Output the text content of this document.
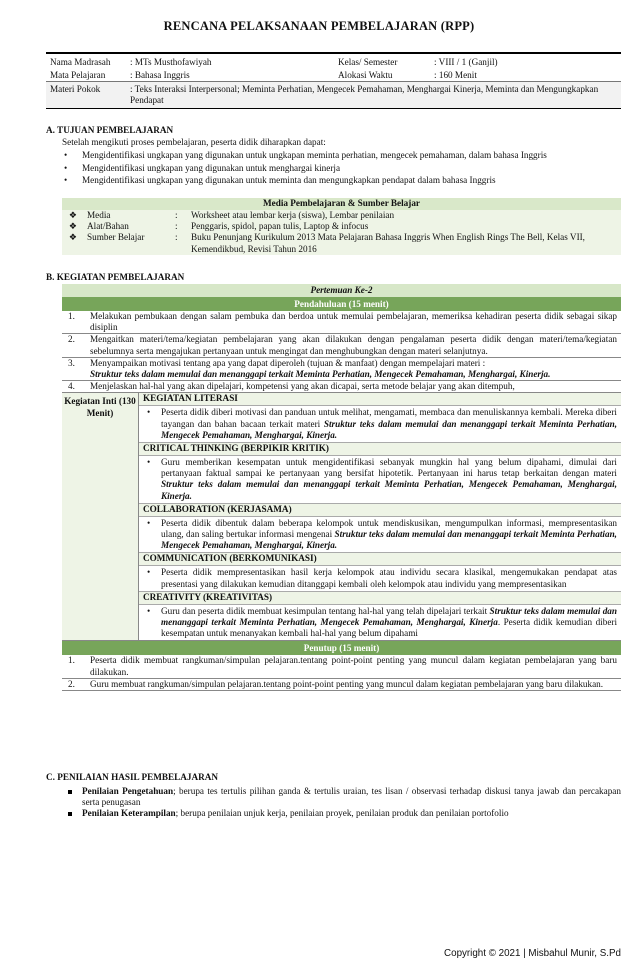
RENCANA PELAKSANAAN PEMBELAJARAN (RPP)
Nama Madrasah : MTs Musthofawiyah	Kelas/ Semester	: VIII / 1 (Ganjil)
Mata Pelajaran	: Bahasa Inggris	Alokasi Waktu	: 160 Menit
Materi Pokok	: Teks Interaksi Interpersonal; Meminta Perhatian, Mengecek Pemahaman, Menghargai Kinerja, Meminta dan Mengungkapkan Pendapat
A. TUJUAN PEMBELAJARAN
Setelah mengikuti proses pembelajaran, peserta didik diharapkan dapat:
• Mengidentifikasi ungkapan yang digunakan untuk ungkapan meminta perhatian, mengecek pemahaman, dalam bahasa Inggris
• Mengidentifikasi ungkapan yang digunakan untuk menghargai kinerja
• Mengidentifikasi ungkapan yang digunakan untuk meminta dan mengungkapkan pendapat dalam bahasa Inggris
Media Pembelajaran & Sumber Belajar			
❖	Media	:	Worksheet atau lembar kerja (siswa), Lembar penilaian
❖	Alat/Bahan	:	Penggaris, spidol, papan tulis, Laptop & infocus
❖	Sumber Belajar	:	Buku Penunjang Kurikulum 2013 Mata Pelajaran Bahasa Inggris When English Rings The Bell, Kelas VII, Kemendikbud, Revisi Tahun 2016
B. KEGIATAN PEMBELAJARAN
Pertemuan Ke-2
Pendahuluan (15 menit)
1.	Melakukan pembukaan dengan salam pembuka dan berdoa untuk memulai pembelajaran, memeriksa kehadiran peserta didik sebagai sikap disiplin
2.	Mengaitkan materi/tema/kegiatan pembelajaran yang akan dilakukan dengan pengalaman peserta didik dengan materi/tema/kegiatan sebelumnya serta mengajukan pertanyaan untuk mengingat dan menghubungkan dengan materi selanjutnya.
3.	Menyampaikan motivasi tentang apa yang dapat diperoleh (tujuan & manfaat) dengan mempelajari materi :
Struktur teks dalam memulai dan menanggapi terkait Meminta Perhatian, Mengecek Pemahaman, Menghargai, Kinerja.
4.	Menjelaskan hal-hal yang akan dipelajari, kompetensi yang akan dicapai, serta metode belajar yang akan ditempuh,
Kegiatan Inti (130 Menit)
KEGIATAN LITERASI
• Peserta didik diberi motivasi dan panduan untuk melihat, mengamati, membaca dan menuliskannya kembali. Mereka diberi tayangan dan bahan bacaan terkait materi Struktur teks dalam memulai dan menanggapi terkait Meminta Perhatian, Mengecek Pemahaman, Menghargai, Kinerja.
CRITICAL THINKING (BERPIKIR KRITIK)
• Guru memberikan kesempatan untuk mengidentifikasi sebanyak mungkin hal yang belum dipahami, dimulai dari pertanyaan faktual sampai ke pertanyaan yang bersifat hipotetik. Pertanyaan ini harus tetap berkaitan dengan materi Struktur teks dalam memulai dan menanggapi terkait Meminta Perhatian, Mengecek Pemahaman, Menghargai, Kinerja.
COLLABORATION (KERJASAMA)
• Peserta didik dibentuk dalam beberapa kelompok untuk mendiskusikan, mengumpulkan informasi, mempresentasikan ulang, dan saling bertukar informasi mengenai Struktur teks dalam memulai dan menanggapi terkait Meminta Perhatian, Mengecek Pemahaman, Menghargai, Kinerja.
COMMUNICATION (BERKOMUNIKASI)
• Peserta didik mempresentasikan hasil kerja kelompok atau individu secara klasikal, mengemukakan pendapat atas presentasi yang dilakukan kemudian ditanggapi kembali oleh kelompok atau individu yang mempresentasikan
CREATIVITY (KREATIVITAS)
• Guru dan peserta didik membuat kesimpulan tentang hal-hal yang telah dipelajari terkait Struktur teks dalam memulai dan menanggapi terkait Meminta Perhatian, Mengecek Pemahaman, Menghargai, Kinerja. Peserta didik kemudian diberi kesempatan untuk menanyakan kembali hal-hal yang belum dipahami
Penutup (15 menit)
1.	Peserta didik membuat rangkuman/simpulan pelajaran.tentang point-point penting yang muncul dalam kegiatan pembelajaran yang baru dilakukan.
2.	Guru membuat rangkuman/simpulan pelajaran.tentang point-point penting yang muncul dalam kegiatan pembelajaran yang baru dilakukan.
C. PENILAIAN HASIL PEMBELAJARAN
Penilaian Pengetahuan; berupa tes tertulis pilihan ganda & tertulis uraian, tes lisan / observasi terhadap diskusi tanya jawab dan percakapan serta penugasan
Penilaian Keterampilan; berupa penilaian unjuk kerja, penilaian proyek, penilaian produk dan penilaian portofolio
Copyright © 2021 | Misbahul Munir, S.Pd
